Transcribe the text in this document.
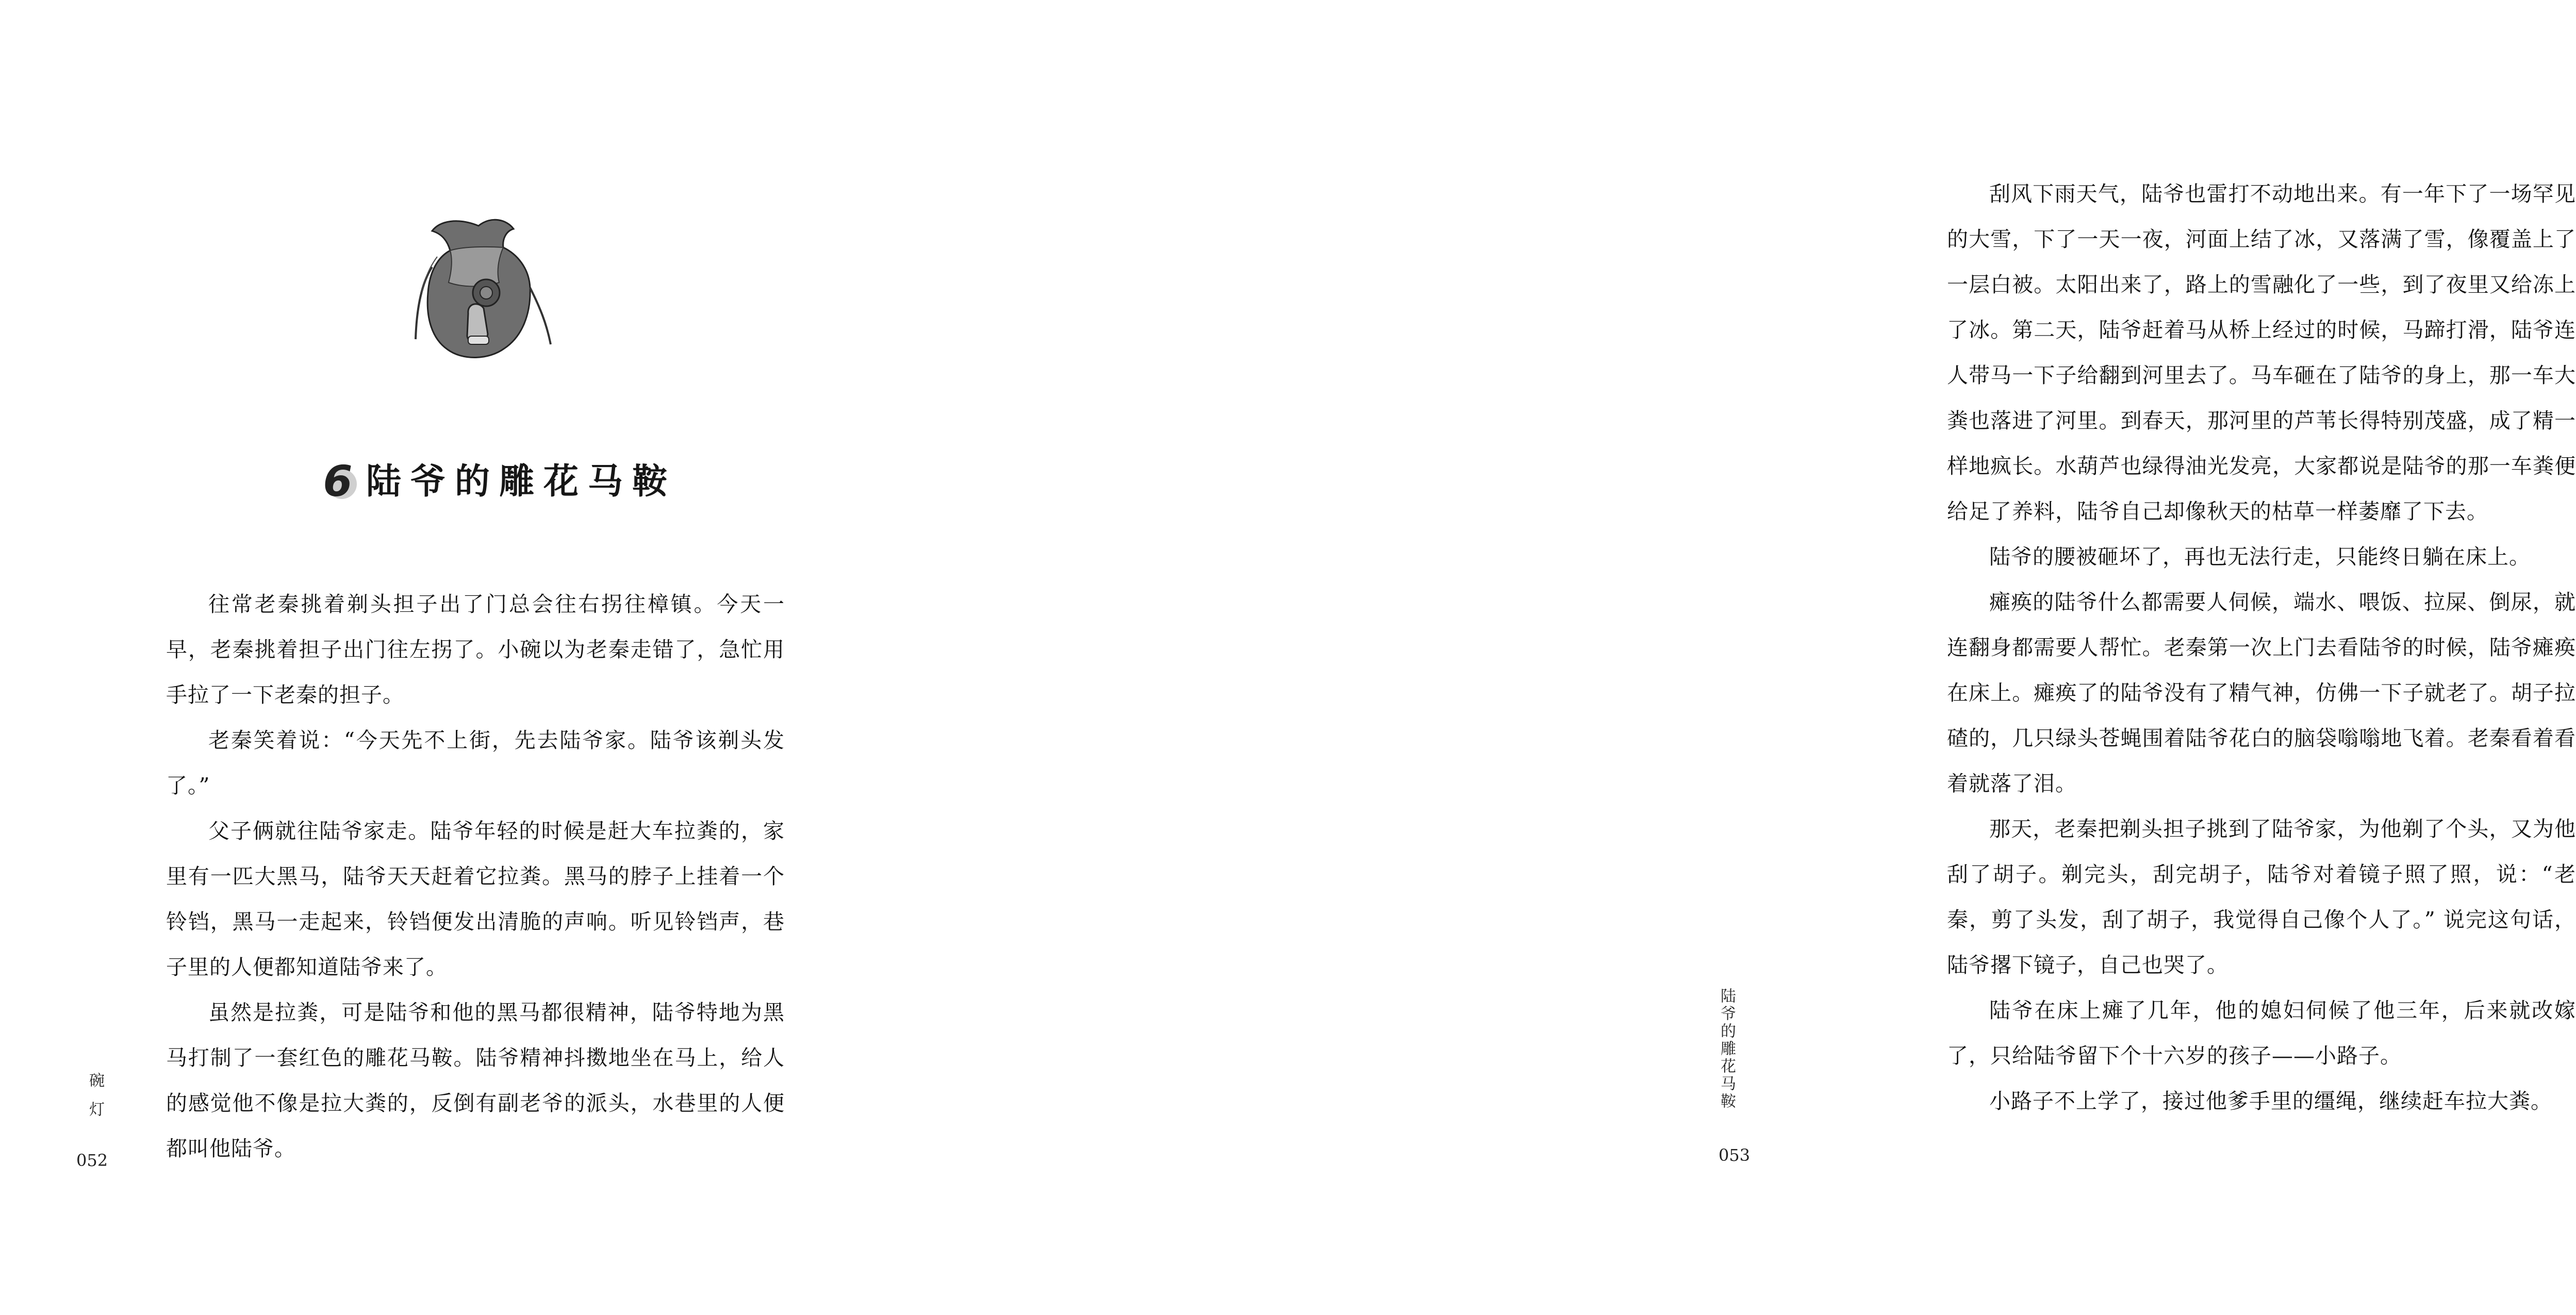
6 陆爷的雕花马鞍

往常老秦挑着剃头担子出了门总会往右拐往樟镇。今天一早，老秦挑着担子出门往左拐了。小碗以为老秦走错了，急忙用手拉了一下老秦的担子。

老秦笑着说：“今天先不上街，先去陆爷家。陆爷该剃头发了。”

父子俩就往陆爷家走。陆爷年轻的时候是赶大车拉粪的，家里有一匹大黑马，陆爷天天赶着它拉粪。黑马的脖子上挂着一个铃铛，黑马一走起来，铃铛便发出清脆的声响。听见铃铛声，巷子里的人便都知道陆爷来了。

虽然是拉粪，可是陆爷和他的黑马都很精神，陆爷特地为黑马打制了一套红色的雕花马鞍。陆爷精神抖擞地坐在马上，给人的感觉他不像是拉大粪的，反倒有副老爷的派头，水巷里的人便都叫他陆爷。

碗灯
052

刮风下雨天气，陆爷也雷打不动地出来。有一年下了一场罕见的大雪，下了一天一夜，河面上结了冰，又落满了雪，像覆盖上了一层白被。太阳出来了，路上的雪融化了一些，到了夜里又给冻上了冰。第二天，陆爷赶着马从桥上经过的时候，马蹄打滑，陆爷连人带马一下子给翻到河里去了。马车砸在了陆爷的身上，那一车大粪也落进了河里。到春天，那河里的芦苇长得特别茂盛，成了精一样地疯长。水葫芦也绿得油光发亮，大家都说是陆爷的那一车粪便给足了养料，陆爷自己却像秋天的枯草一样萎靡了下去。

陆爷的腰被砸坏了，再也无法行走，只能终日躺在床上。

瘫痪的陆爷什么都需要人伺候，端水、喂饭、拉屎、倒尿，就连翻身都需要人帮忙。老秦第一次上门去看陆爷的时候，陆爷瘫痪在床上。瘫痪了的陆爷没有了精气神，仿佛一下子就老了。胡子拉碴的，几只绿头苍蝇围着陆爷花白的脑袋嗡嗡地飞着。老秦看着看着就落了泪。

那天，老秦把剃头担子挑到了陆爷家，为他剃了个头，又为他刮了胡子。剃完头，刮完胡子，陆爷对着镜子照了照，说：“老秦，剪了头发，刮了胡子，我觉得自己像个人了。” 说完这句话，陆爷撂下镜子，自己也哭了。

陆爷在床上瘫了几年，他的媳妇伺候了他三年，后来就改嫁了，只给陆爷留下个十六岁的孩子——小路子。

小路子不上学了，接过他爹手里的缰绳，继续赶车拉大粪。

陆爷的雕花马鞍
053
